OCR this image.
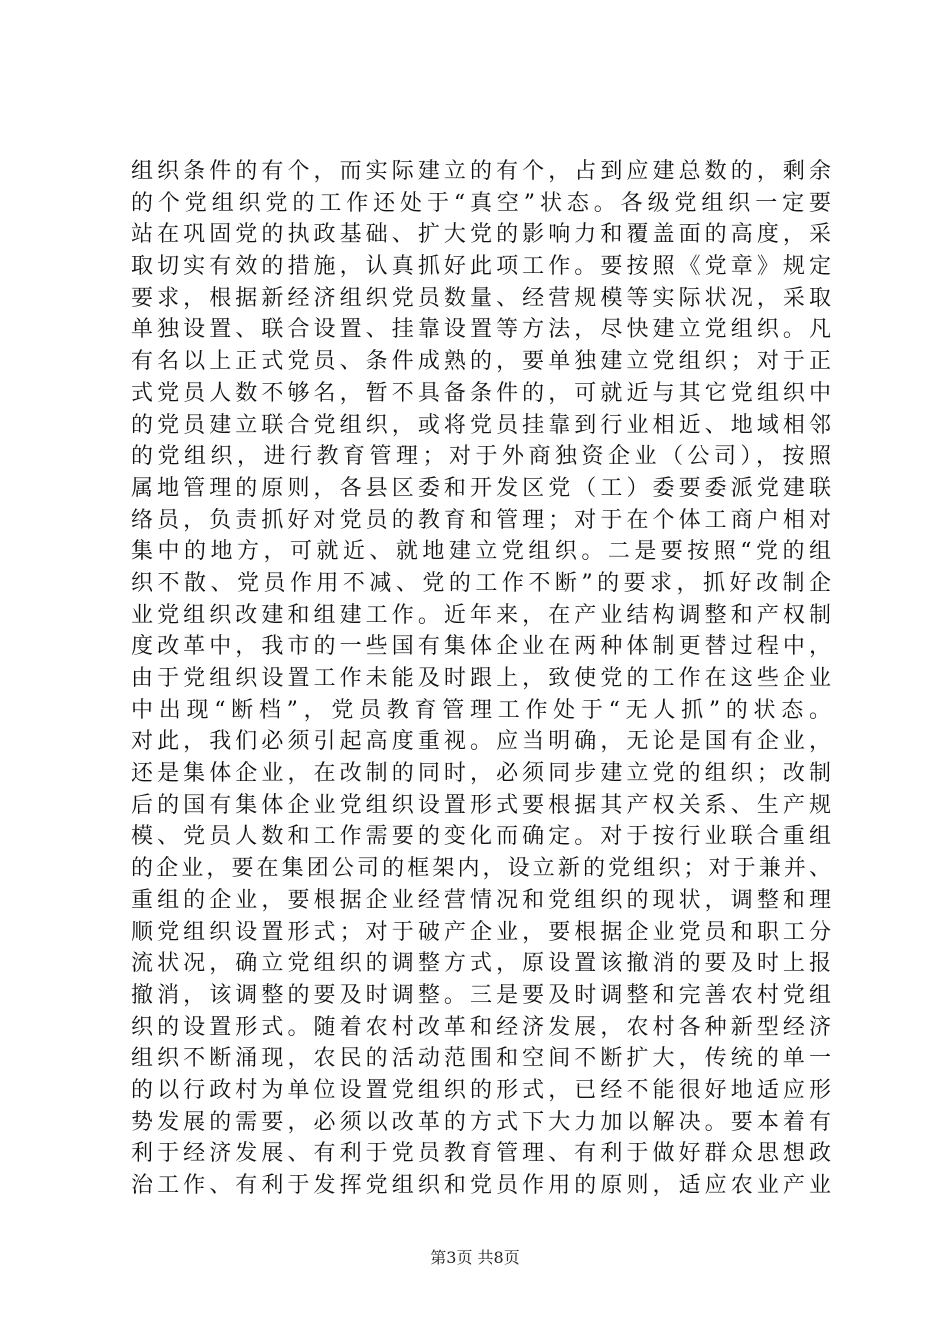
组织条件的有个，而实际建立的有个，占到应建总数的，剩余
的个党组织党的工作还处于“真空”状态。各级党组织一定要
站在巩固党的执政基础、扩大党的影响力和覆盖面的高度，采
取切实有效的措施，认真抓好此项工作。要按照《党章》规定
要求，根据新经济组织党员数量、经营规模等实际状况，采取
单独设置、联合设置、挂靠设置等方法，尽快建立党组织。凡
有名以上正式党员、条件成熟的，要单独建立党组织；对于正
式党员人数不够名，暂不具备条件的，可就近与其它党组织中
的党员建立联合党组织，或将党员挂靠到行业相近、地域相邻
的党组织，进行教育管理；对于外商独资企业（公司），按照
属地管理的原则，各县区委和开发区党（工）委要委派党建联
络员，负责抓好对党员的教育和管理；对于在个体工商户相对
集中的地方，可就近、就地建立党组织。二是要按照“党的组
织不散、党员作用不减、党的工作不断”的要求，抓好改制企
业党组织改建和组建工作。近年来，在产业结构调整和产权制
度改革中，我市的一些国有集体企业在两种体制更替过程中，
由于党组织设置工作未能及时跟上，致使党的工作在这些企业
中出现“断档”，党员教育管理工作处于“无人抓”的状态。
对此，我们必须引起高度重视。应当明确，无论是国有企业，
还是集体企业，在改制的同时，必须同步建立党的组织；改制
后的国有集体企业党组织设置形式要根据其产权关系、生产规
模、党员人数和工作需要的变化而确定。对于按行业联合重组
的企业，要在集团公司的框架内，设立新的党组织；对于兼并、
重组的企业，要根据企业经营情况和党组织的现状，调整和理
顺党组织设置形式；对于破产企业，要根据企业党员和职工分
流状况，确立党组织的调整方式，原设置该撤消的要及时上报
撤消，该调整的要及时调整。三是要及时调整和完善农村党组
织的设置形式。随着农村改革和经济发展，农村各种新型经济
组织不断涌现，农民的活动范围和空间不断扩大，传统的单一
的以行政村为单位设置党组织的形式，已经不能很好地适应形
势发展的需要，必须以改革的方式下大力加以解决。要本着有
利于经济发展、有利于党员教育管理、有利于做好群众思想政
治工作、有利于发挥党组织和党员作用的原则，适应农业产业
第3页 共8页
